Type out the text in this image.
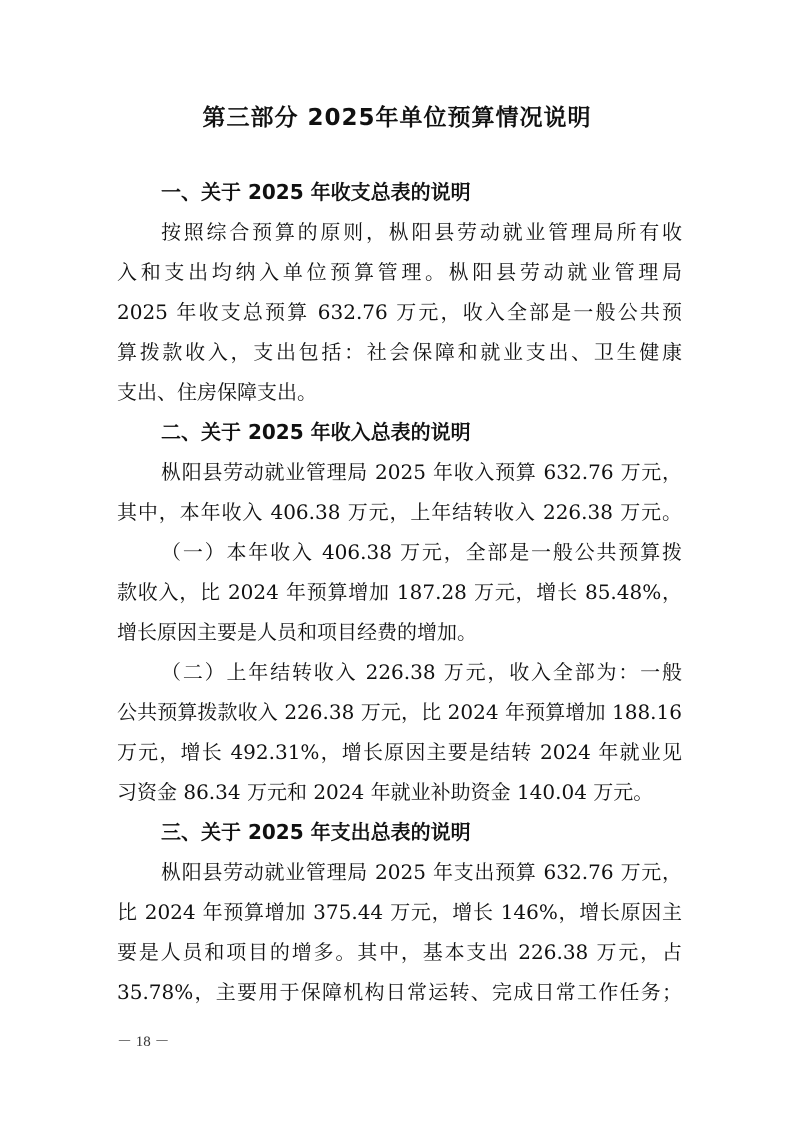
第三部分 2025年单位预算情况说明
一、关于 2025 年收支总表的说明
按照综合预算的原则，枞阳县劳动就业管理局所有收
入和支出均纳入单位预算管理。枞阳县劳动就业管理局
2025 年收支总预算 632.76 万元，收入全部是一般公共预
算拨款收入，支出包括：社会保障和就业支出、卫生健康
支出、住房保障支出。
二、关于 2025 年收入总表的说明
枞阳县劳动就业管理局 2025 年收入预算 632.76 万元，
其中，本年收入 406.38 万元，上年结转收入 226.38 万元。
（一）本年收入 406.38 万元，全部是一般公共预算拨
款收入，比 2024 年预算增加 187.28 万元，增长 85.48%，
增长原因主要是人员和项目经费的增加。
（二）上年结转收入 226.38 万元，收入全部为：一般
公共预算拨款收入 226.38 万元，比 2024 年预算增加 188.16
万元，增长 492.31%，增长原因主要是结转 2024 年就业见
习资金 86.34 万元和 2024 年就业补助资金 140.04 万元。
三、关于 2025 年支出总表的说明
枞阳县劳动就业管理局 2025 年支出预算 632.76 万元，
比 2024 年预算增加 375.44 万元，增长 146%，增长原因主
要是人员和项目的增多。其中，基本支出 226.38 万元，占
35.78%，主要用于保障机构日常运转、完成日常工作任务；
－ 18 －
